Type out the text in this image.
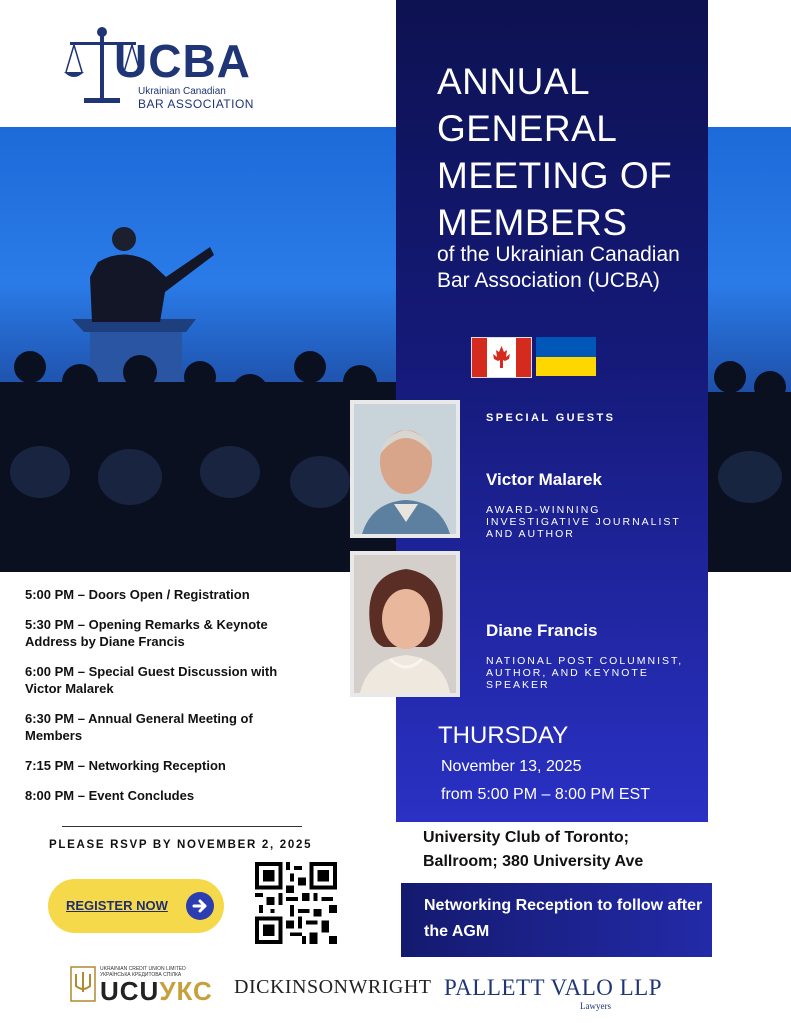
UCBA
Ukrainian Canadian
BAR ASSOCIATION
ANNUAL
GENERAL
MEETING OF
MEMBERS
of the Ukrainian Canadian Bar Association (UCBA)
SPECIAL GUESTS
Victor Malarek
AWARD-WINNING INVESTIGATIVE JOURNALIST AND AUTHOR
Diane Francis
NATIONAL POST COLUMNIST, AUTHOR, AND KEYNOTE SPEAKER
THURSDAY
November 13, 2025
from 5:00 PM – 8:00 PM EST
5:00 PM – Doors Open / Registration
5:30 PM – Opening Remarks & Keynote Address by Diane Francis
6:00 PM – Special Guest Discussion with Victor Malarek
6:30 PM – Annual General Meeting of Members
7:15 PM – Networking Reception
8:00 PM – Event Concludes
PLEASE RSVP BY NOVEMBER 2, 2025
REGISTER NOW
University Club of Toronto;
Ballroom; 380 University Ave
Networking Reception to follow after the AGM
UKRAINIAN CREDIT UNION LIMITED
УКРАЇНСЬКА КРЕДИТОВА СПІЛКА
UCUУКС DICKINSONWRIGHT PALLETT VALO LLP
Lawyers
